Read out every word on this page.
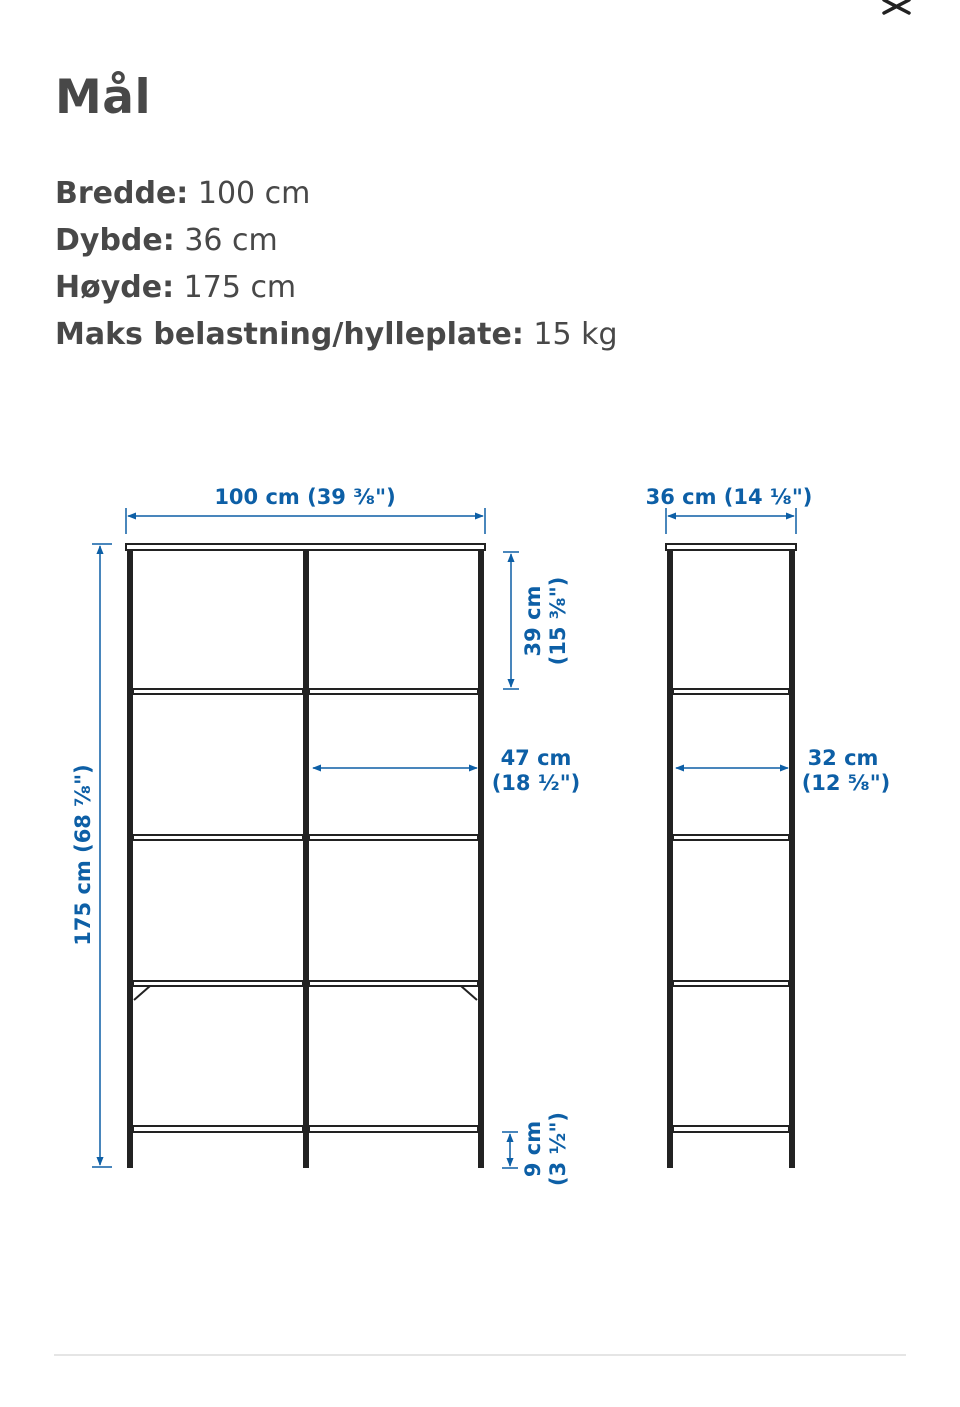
Mål
Bredde: 100 cm
Dybde: 36 cm
Høyde: 175 cm
Maks belastning/hylleplate: 15 kg
100 cm (39 ³⁄₈")	36 cm (14 ¹⁄₈")
175 cm (68 ⁷⁄₈")
39 cm (15 ³⁄₈")
47 cm
(18 ¹⁄₂")
32 cm
(12 ⁵⁄₈")
9 cm (3 ¹⁄₂")
